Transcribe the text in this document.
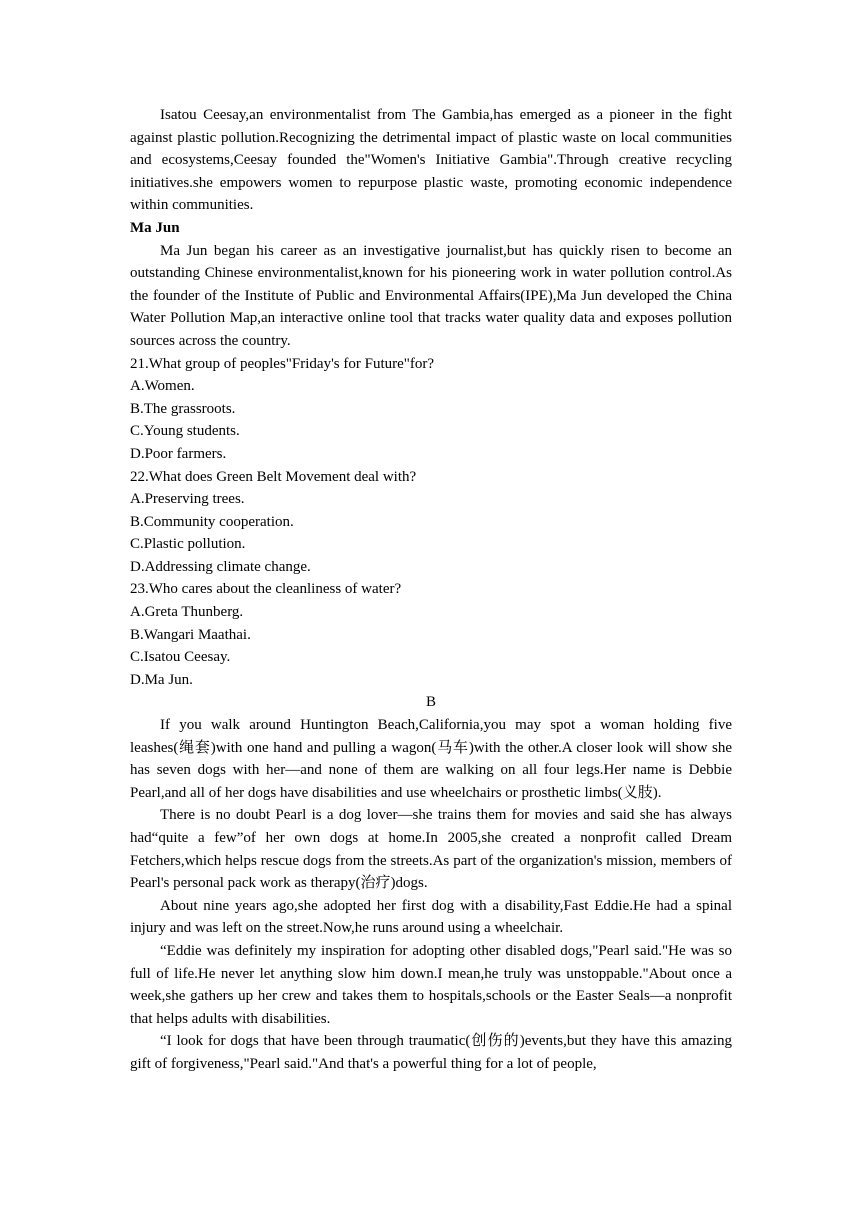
Isatou Ceesay,an environmentalist from The Gambia,has emerged as a pioneer in the fight against plastic pollution.Recognizing the detrimental impact of plastic waste on local communities and ecosystems,Ceesay founded the"Women's Initiative Gambia".Through creative recycling initiatives.she empowers women to repurpose plastic waste, promoting economic independence within communities.

Ma Jun

Ma Jun began his career as an investigative journalist,but has quickly risen to become an outstanding Chinese environmentalist,known for his pioneering work in water pollution control.As the founder of the Institute of Public and Environmental Affairs(IPE),Ma Jun developed the China Water Pollution Map,an interactive online tool that tracks water quality data and exposes pollution sources across the country.

21.What group of peoples"Friday's for Future"for?

A.Women.

B.The grassroots.

C.Young students.

D.Poor farmers.

22.What does Green Belt Movement deal with?

A.Preserving trees.

B.Community cooperation.

C.Plastic pollution.

D.Addressing climate change.

23.Who cares about the cleanliness of water?

A.Greta Thunberg.

B.Wangari Maathai.

C.Isatou Ceesay.

D.Ma Jun.

B

If you walk around Huntington Beach,California,you may spot a woman holding five leashes(绳套)with one hand and pulling a wagon(马车)with the other.A closer look will show she has seven dogs with her—and none of them are walking on all four legs.Her name is Debbie Pearl,and all of her dogs have disabilities and use wheelchairs or prosthetic limbs(义肢).

There is no doubt Pearl is a dog lover—she trains them for movies and said she has always had“quite a few”of her own dogs at home.In 2005,she created a nonprofit called Dream Fetchers,which helps rescue dogs from the streets.As part of the organization's mission, members of Pearl's personal pack work as therapy(治疗)dogs.

About nine years ago,she adopted her first dog with a disability,Fast Eddie.He had a spinal injury and was left on the street.Now,he runs around using a wheelchair.

“Eddie was definitely my inspiration for adopting other disabled dogs,"Pearl said."He was so full of life.He never let anything slow him down.I mean,he truly was unstoppable."About once a week,she gathers up her crew and takes them to hospitals,schools or the Easter Seals—a nonprofit that helps adults with disabilities.

“I look for dogs that have been through traumatic(创伤的)events,but they have this amazing gift of forgiveness,"Pearl said."And that's a powerful thing for a lot of people,
